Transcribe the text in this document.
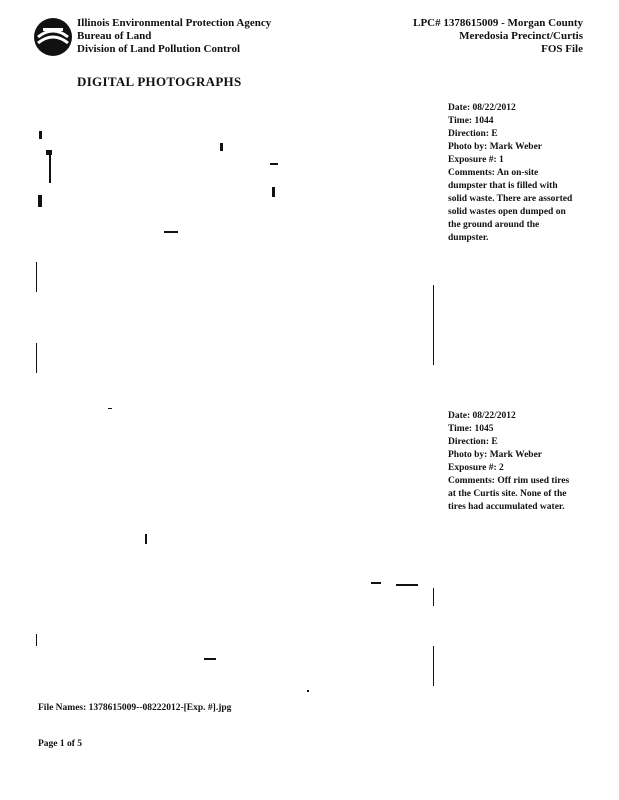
Illinois Environmental Protection Agency
Bureau of Land
Division of Land Pollution Control
LPC# 1378615009 - Morgan County
Meredosia Precinct/Curtis
FOS File
DIGITAL PHOTOGRAPHS
Date: 08/22/2012
Time: 1044
Direction: E
Photo by: Mark Weber
Exposure #: 1
Comments: An on-site dumpster that is filled with solid waste. There are assorted solid wastes open dumped on the ground around the dumpster.
Date: 08/22/2012
Time: 1045
Direction: E
Photo by: Mark Weber
Exposure #: 2
Comments: Off rim used tires at the Curtis site. None of the tires had accumulated water.
File Names: 1378615009--08222012-[Exp. #].jpg
Page 1 of 5
